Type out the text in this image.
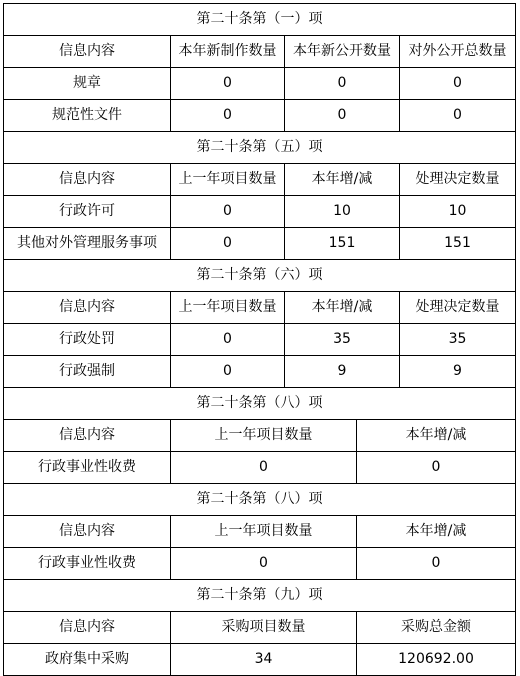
第二十条第（一）项
信息内容	本年新制作数量	本年新公开数量	对外公开总数量
规章	0	0	0
规范性文件	0	0	0
第二十条第（五）项
信息内容	上一年项目数量	本年增/减	处理决定数量
行政许可	0	10	10
其他对外管理服务事项	0	151	151
第二十条第（六）项
信息内容	上一年项目数量	本年增/减	处理决定数量
行政处罚	0	35	35
行政强制	0	9	9
第二十条第（八）项
信息内容	上一年项目数量	本年增/减
行政事业性收费	0	0
第二十条第（八）项
信息内容	上一年项目数量	本年增/减
行政事业性收费	0	0
第二十条第（九）项
信息内容	采购项目数量	采购总金额
政府集中采购	34	120692.00
